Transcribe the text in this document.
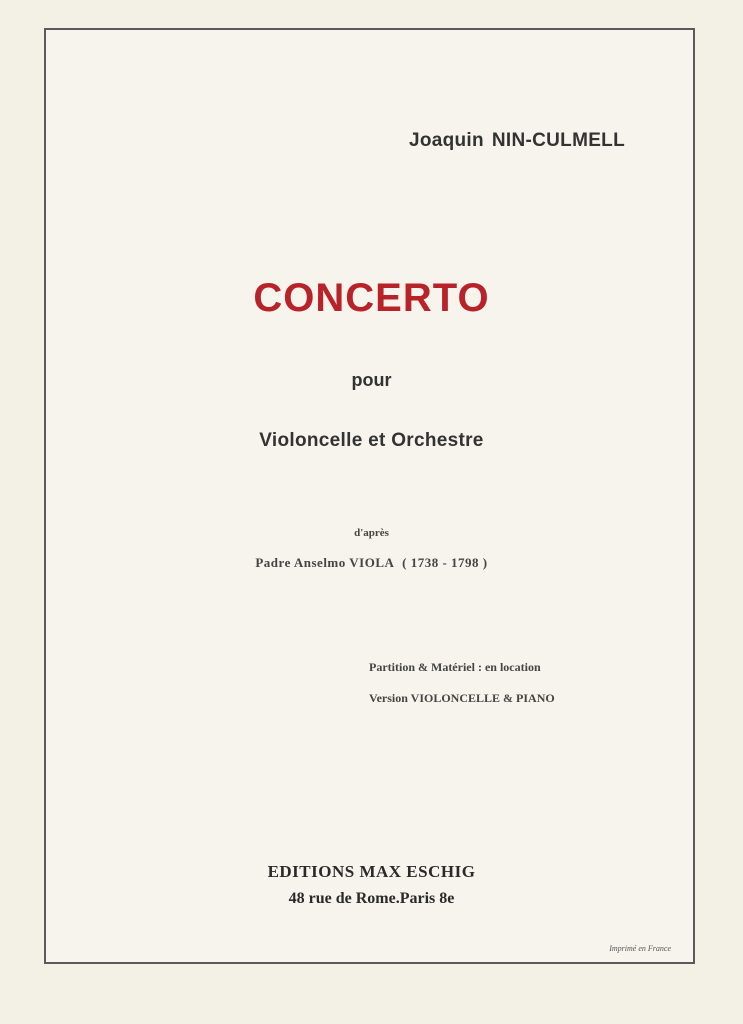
Joaquin NIN-CULMELL
CONCERTO
pour
Violoncelle et Orchestre
d'après
Padre Anselmo VIOLA ( 1738 - 1798 )
Partition & Matériel : en location
Version VIOLONCELLE & PIANO
EDITIONS MAX ESCHIG
48 rue de Rome.Paris 8e
Imprimé en France
